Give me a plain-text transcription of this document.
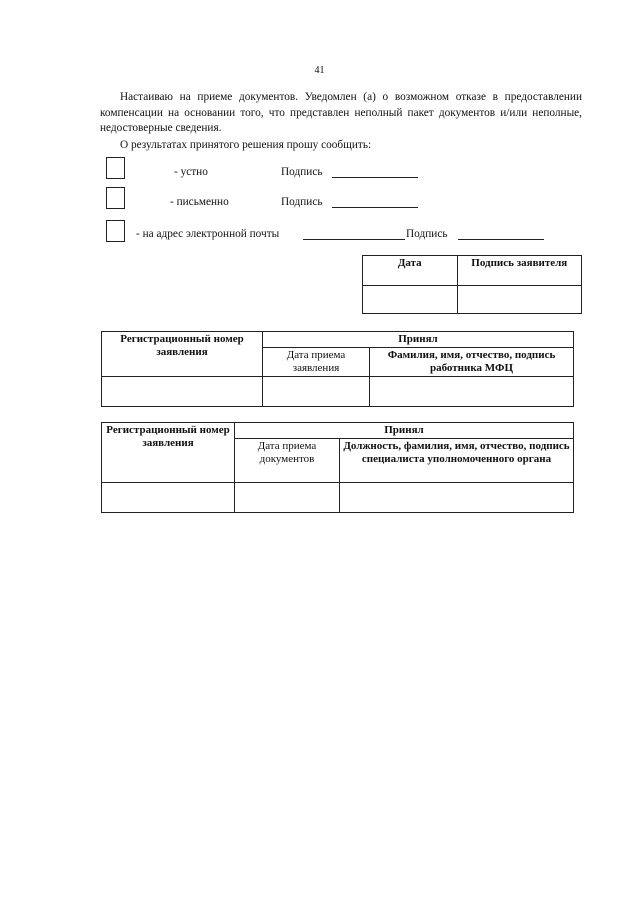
41
Настаиваю на приеме документов. Уведомлен (а) о возможном отказе в предоставлении компенсации на основании того, что представлен неполный пакет документов и/или неполные, недостоверные сведения.
О результатах принятого решения прошу сообщить:
- устно	Подпись
- письменно	Подпись
- на адрес электронной почты	Подпись
Дата	Подпись заявителя

Регистрационный номер заявления	Принял	
	Дата приема заявления	Фамилия, имя, отчество, подпись работника МФЦ

Регистрационный номер заявления	Принял	
	Дата приема документов	Должность, фамилия, имя, отчество, подпись специалиста уполномоченного органа
